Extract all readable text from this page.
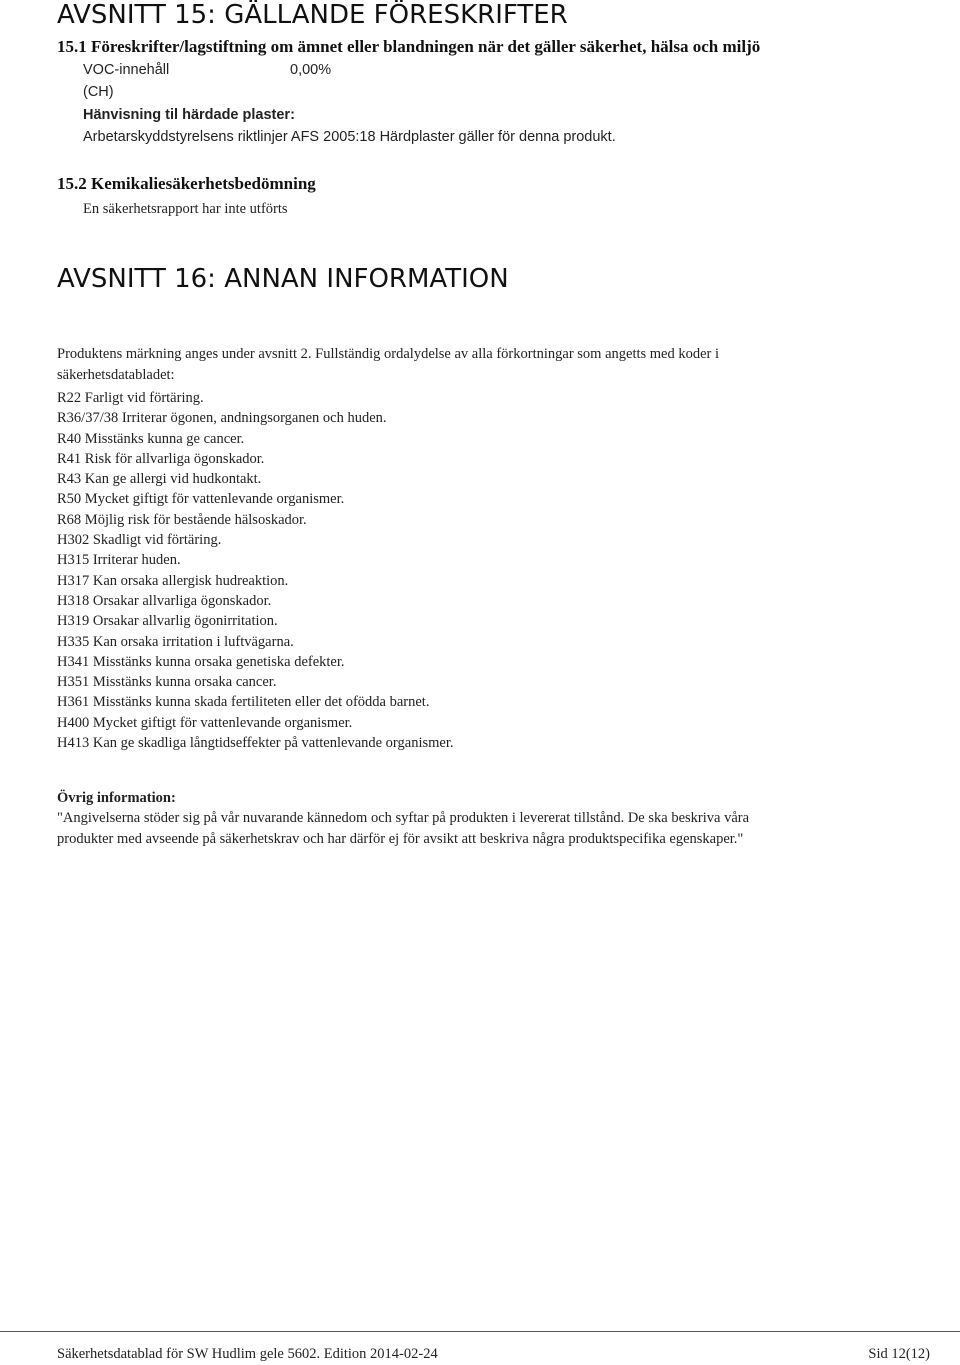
AVSNITT 15: GÄLLANDE FÖRESKRIFTER
15.1 Föreskrifter/lagstiftning om ämnet eller blandningen när det gäller säkerhet, hälsa och miljö
VOC-innehåll	0,00%
(CH)
Hänvisning til härdade plaster:
Arbetarskyddstyrelsens riktlinjer AFS 2005:18 Härdplaster gäller för denna produkt.
15.2 Kemikaliesäkerhetsbedömning
En säkerhetsrapport har inte utförts
AVSNITT 16: ANNAN INFORMATION
Produktens märkning anges under avsnitt 2. Fullständig ordalydelse av alla förkortningar som angetts med koder i
säkerhetsdatabladet:
R22 Farligt vid förtäring.
R36/37/38 Irriterar ögonen, andningsorganen och huden.
R40 Misstänks kunna ge cancer.
R41 Risk för allvarliga ögonskador.
R43 Kan ge allergi vid hudkontakt.
R50 Mycket giftigt för vattenlevande organismer.
R68 Möjlig risk för bestående hälsoskador.
H302 Skadligt vid förtäring.
H315 Irriterar huden.
H317 Kan orsaka allergisk hudreaktion.
H318 Orsakar allvarliga ögonskador.
H319 Orsakar allvarlig ögonirritation.
H335 Kan orsaka irritation i luftvägarna.
H341 Misstänks kunna orsaka genetiska defekter.
H351 Misstänks kunna orsaka cancer.
H361 Misstänks kunna skada fertiliteten eller det ofödda barnet.
H400 Mycket giftigt för vattenlevande organismer.
H413 Kan ge skadliga långtidseffekter på vattenlevande organismer.
Övrig information:
"Angivelserna stöder sig på vår nuvarande kännedom och syftar på produkten i levererat tillstånd. De ska beskriva våra
produkter med avseende på säkerhetskrav och har därför ej för avsikt att beskriva några produktspecifika egenskaper."
Säkerhetsdatablad för SW Hudlim gele 5602. Edition 2014-02-24	Sid 12(12)
